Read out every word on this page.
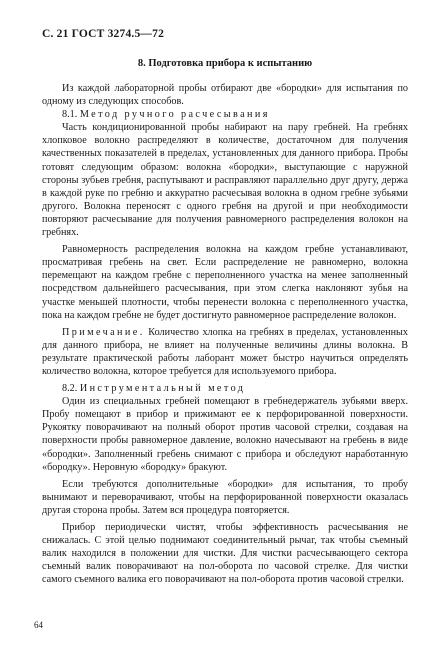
С. 21 ГОСТ 3274.5—72
8. Подготовка прибора к испытанию

Из каждой лабораторной пробы отбирают две «бородки» для испытания по одному из следующих способов.

8.1. Метод ручного расчесывания

Часть кондиционированной пробы набирают на пару гребней. На гребнях хлопковое волокно распределяют в количестве, достаточном для получения качественных показателей в пределах, установленных для данного прибора. Пробы готовят следующим образом: волокна «бородки», выступающие с наружной стороны зубьев гребня, распутывают и расправляют параллельно друг другу, держа в каждой руке по гребню и аккуратно расчесывая волокна в одном гребне зубьями другого. Волокна переносят с одного гребня на другой и при необходимости повторяют расчесывание для получения равномерного распределения волокон на гребнях.

Равномерность распределения волокна на каждом гребне устанавливают, просматривая гребень на свет. Если распределение не равномерно, волокна перемещают на каждом гребне с переполненного участка на менее заполненный посредством дальнейшего расчесывания, при этом слегка наклоняют зубья на участке меньшей плотности, чтобы перенести волокна с переполненного участка, пока на каждом гребне не будет достигнуто равномерное распределение волокон.

Примечание. Количество хлопка на гребнях в пределах, установленных для данного прибора, не влияет на полученные величины длины волокна. В результате практической работы лаборант может быстро научиться определять количество волокна, которое требуется для используемого прибора.

8.2. Инструментальный метод

Один из специальных гребней помещают в гребнедержатель зубьями вверх. Пробу помещают в прибор и прижимают ее к перфорированной поверхности. Рукоятку поворачивают на полный оборот против часовой стрелки, создавая на поверхности пробы равномерное давление, волокно начесывают на гребень в виде «бородки». Заполненный гребень снимают с прибора и обследуют наработанную «бородку». Неровную «бородку» бракуют.

Если требуются дополнительные «бородки» для испытания, то пробу вынимают и переворачивают, чтобы на перфорированной поверхности оказалась другая сторона пробы. Затем вся процедура повторяется.

Прибор периодически чистят, чтобы эффективность расчесывания не снижалась. С этой целью поднимают соединительный рычаг, так чтобы съемный валик находился в положении для чистки. Для чистки расчесывающего сектора съемный валик поворачивают на пол-оборота по часовой стрелке. Для чистки самого съемного валика его поворачивают на пол-оборота против часовой стрелки.

64
